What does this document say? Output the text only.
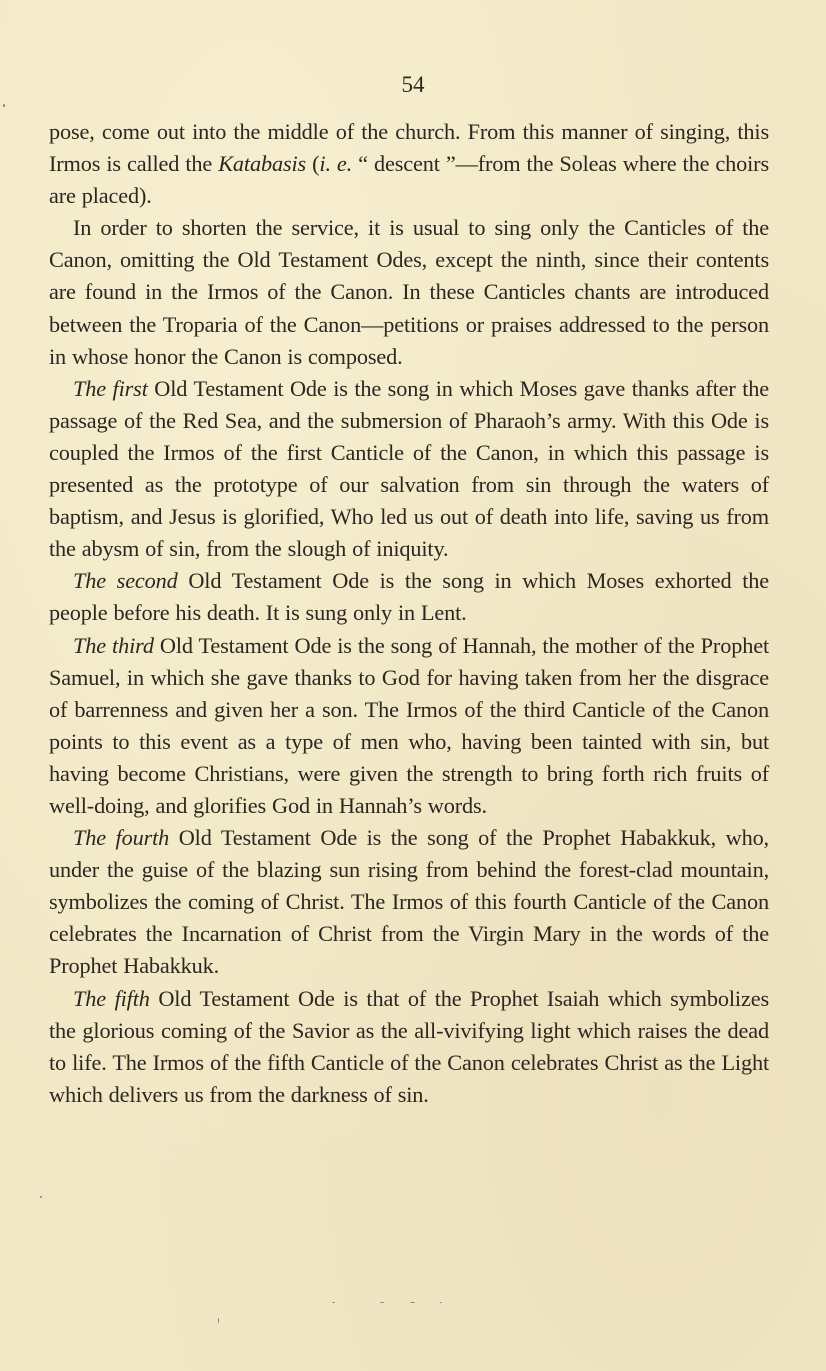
54

pose, come out into the middle of the church. From this manner of singing, this Irmos is called the Katabasis (i. e. “ descent ”—from the Soleas where the choirs are placed).

In order to shorten the service, it is usual to sing only the Canticles of the Canon, omitting the Old Testament Odes, except the ninth, since their contents are found in the Irmos of the Canon. In these Canticles chants are introduced between the Troparia of the Canon—petitions or praises addressed to the person in whose honor the Canon is composed.

The first Old Testament Ode is the song in which Moses gave thanks after the passage of the Red Sea, and the submersion of Pharaoh’s army. With this Ode is coupled the Irmos of the first Canticle of the Canon, in which this passage is presented as the prototype of our salvation from sin through the waters of baptism, and Jesus is glorified, Who led us out of death into life, saving us from the abysm of sin, from the slough of iniquity.

The second Old Testament Ode is the song in which Moses exhorted the people before his death. It is sung only in Lent.

The third Old Testament Ode is the song of Hannah, the mother of the Prophet Samuel, in which she gave thanks to God for having taken from her the disgrace of barrenness and given her a son. The Irmos of the third Canticle of the Canon points to this event as a type of men who, having been tainted with sin, but having become Christians, were given the strength to bring forth rich fruits of well-doing, and glorifies God in Hannah’s words.

The fourth Old Testament Ode is the song of the Prophet Habakkuk, who, under the guise of the blazing sun rising from behind the forest-clad mountain, symbolizes the coming of Christ. The Irmos of this fourth Canticle of the Canon celebrates the Incarnation of Christ from the Virgin Mary in the words of the Prophet Habakkuk.

The fifth Old Testament Ode is that of the Prophet Isaiah which symbolizes the glorious coming of the Savior as the all-vivifying light which raises the dead to life. The Irmos of the fifth Canticle of the Canon celebrates Christ as the Light which delivers us from the darkness of sin.
